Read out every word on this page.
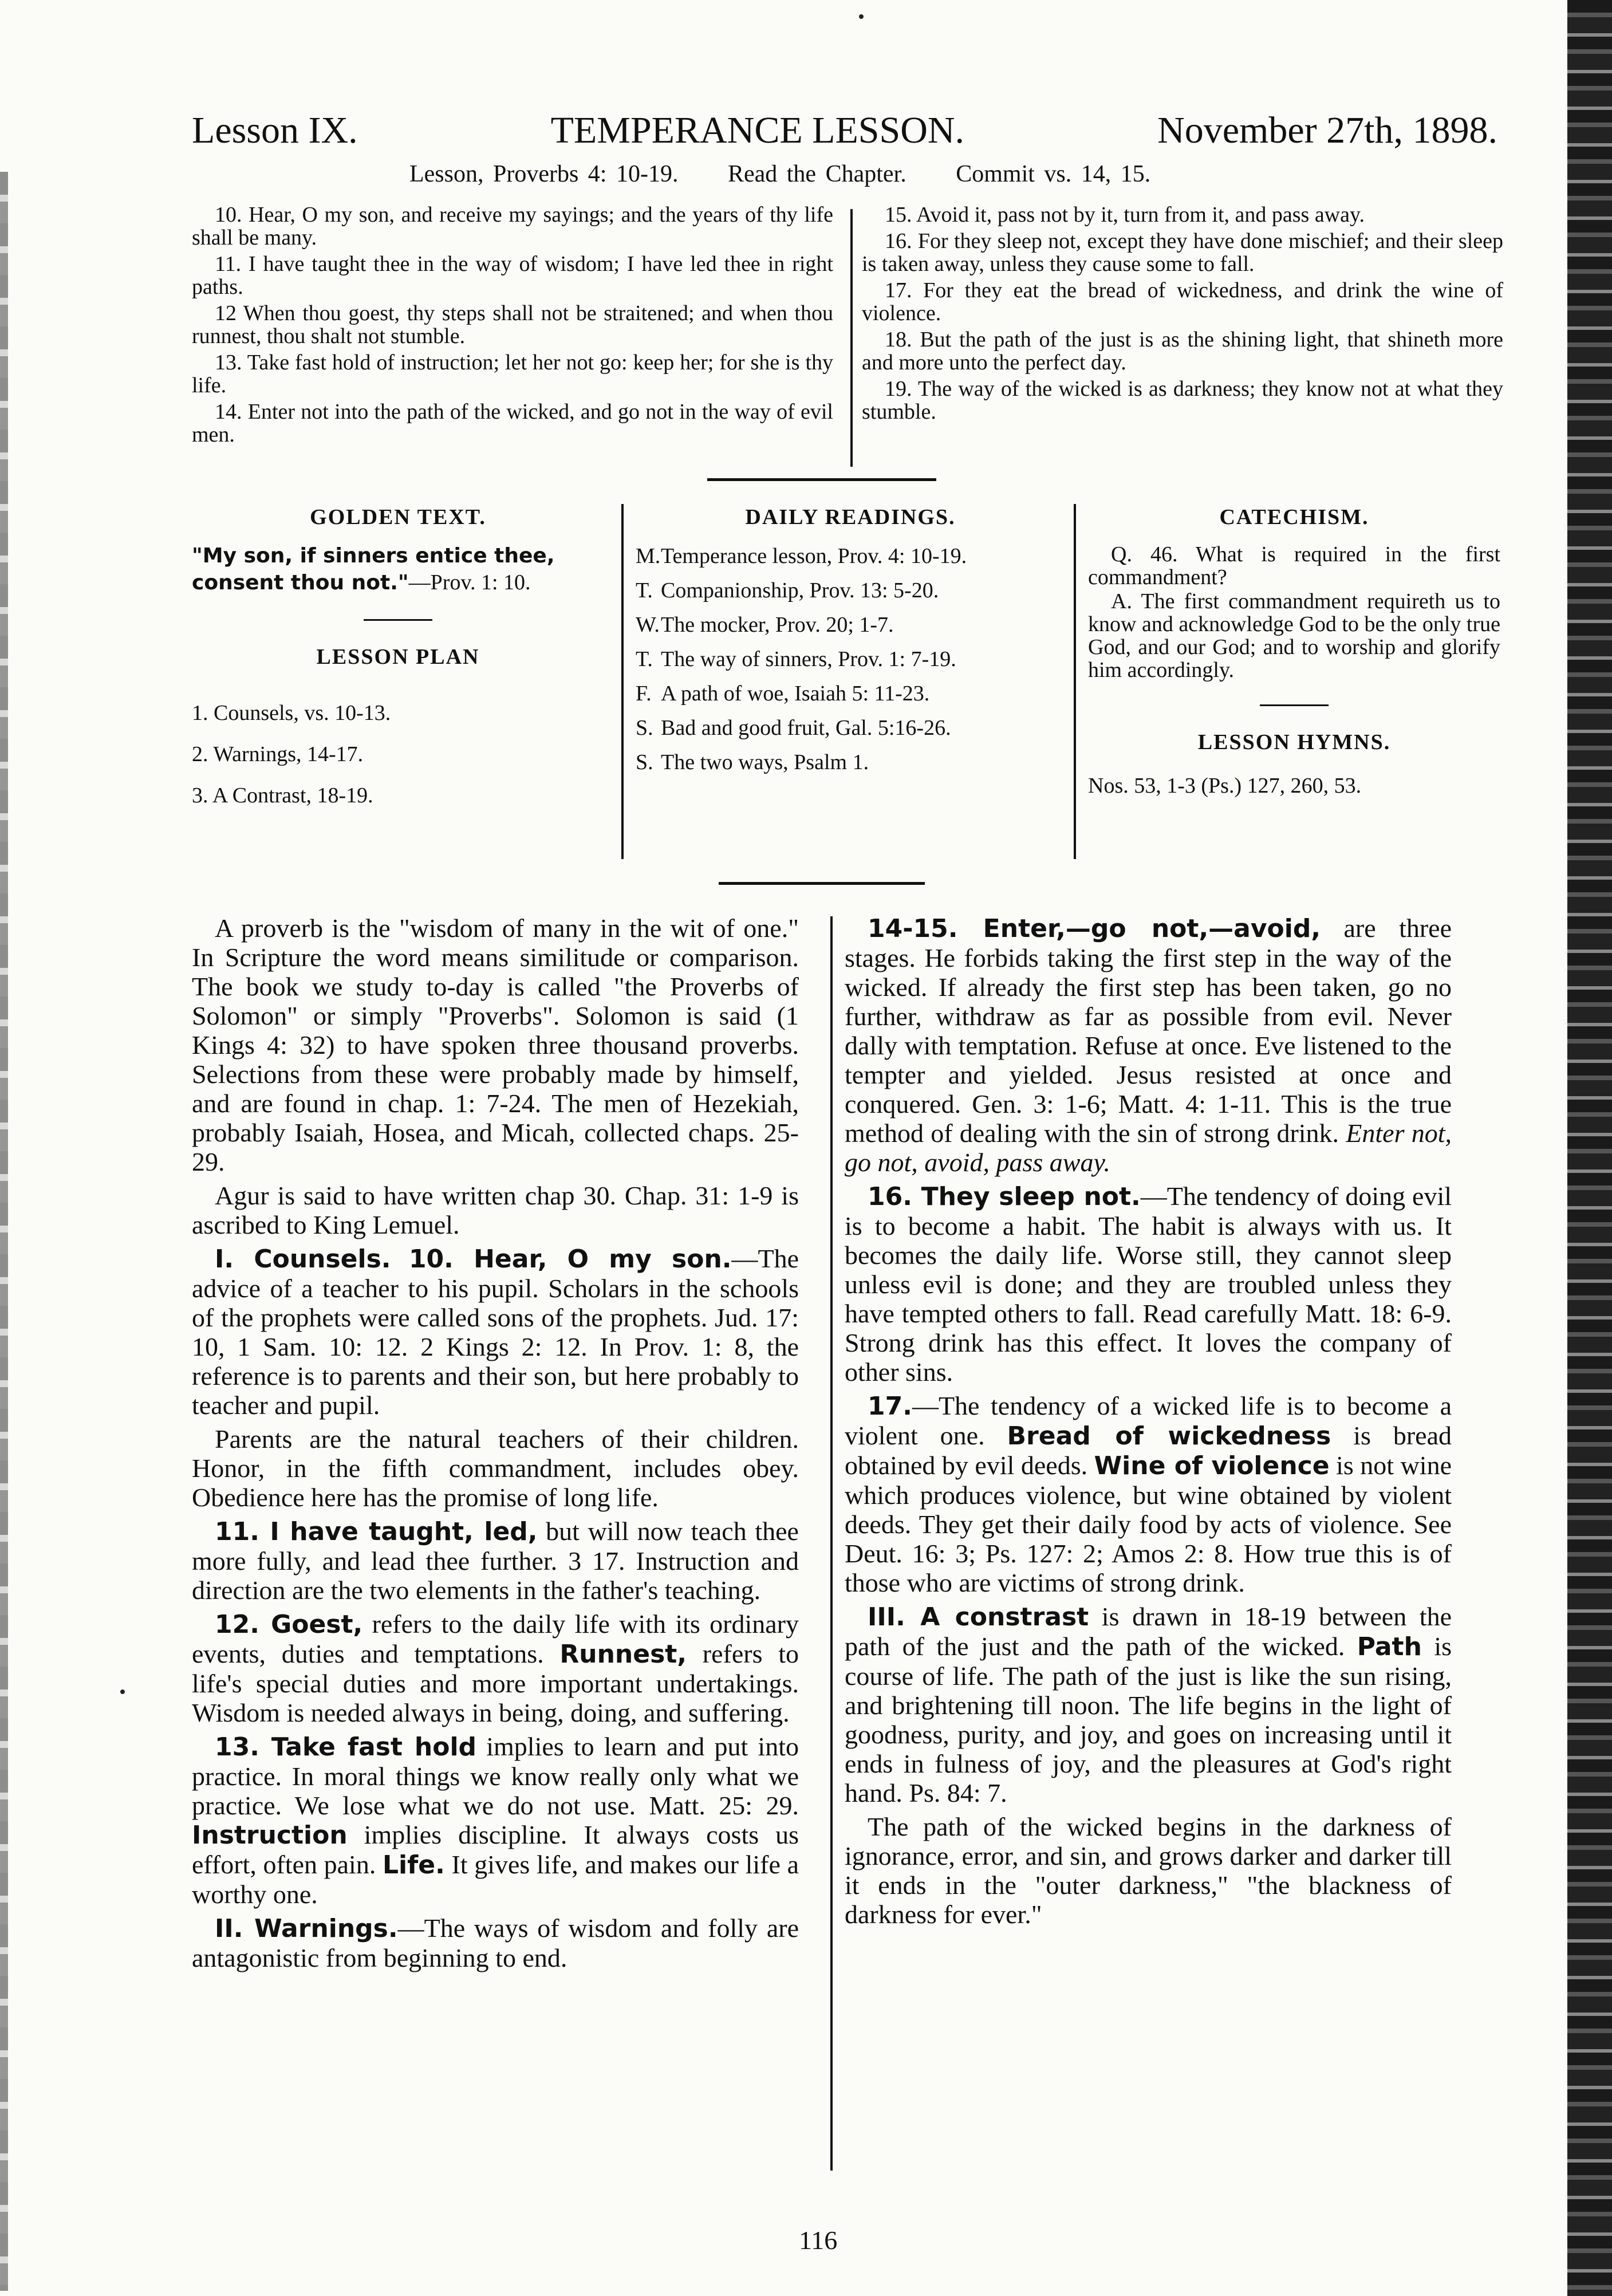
Lesson IX.	TEMPERANCE LESSON.	November 27th, 1898.
Lesson, Proverbs 4: 10-19. Read the Chapter. Commit vs. 14, 15.

10. Hear, O my son, and receive my sayings; and the years of thy life shall be many.

11. I have taught thee in the way of wisdom; I have led thee in right paths.

12 When thou goest, thy steps shall not be straitened; and when thou runnest, thou shalt not stumble.

13. Take fast hold of instruction; let her not go: keep her; for she is thy life.

14. Enter not into the path of the wicked, and go not in the way of evil men.

15. Avoid it, pass not by it, turn from it, and pass away.

16. For they sleep not, except they have done mischief; and their sleep is taken away, unless they cause some to fall.

17. For they eat the bread of wickedness, and drink the wine of violence.

18. But the path of the just is as the shining light, that shineth more and more unto the perfect day.

19. The way of the wicked is as darkness; they know not at what they stumble.

GOLDEN TEXT.
"My son, if sinners entice thee, consent thou not."—Prov. 1: 10.
LESSON PLAN
1. Counsels, vs. 10-13.
2. Warnings, 14-17.
3. A Contrast, 18-19.
DAILY READINGS.
M.Temperance lesson, Prov. 4: 10-19.
T. Companionship, Prov. 13: 5-20.
W.The mocker, Prov. 20; 1-7.
T. The way of sinners, Prov. 1: 7-19.
F. A path of woe, Isaiah 5: 11-23.
S. Bad and good fruit, Gal. 5:16-26.
S. The two ways, Psalm 1.
CATECHISM.

Q. 46. What is required in the first commandment?

A. The first commandment requireth us to know and acknowledge God to be the only true God, and our God; and to worship and glorify him accordingly.

LESSON HYMNS.
Nos. 53, 1-3 (Ps.) 127, 260, 53.

A proverb is the "wisdom of many in the wit of one." In Scripture the word means similitude or comparison. The book we study to-day is called "the Proverbs of Solomon" or simply "Proverbs". Solomon is said (1 Kings 4: 32) to have spoken three thousand proverbs. Selections from these were probably made by himself, and are found in chap. 1: 7-24. The men of Hezekiah, probably Isaiah, Hosea, and Micah, collected chaps. 25-29.

Agur is said to have written chap 30. Chap. 31: 1-9 is ascribed to King Lemuel.

I. Counsels. 10. Hear, O my son.—The advice of a teacher to his pupil. Scholars in the schools of the prophets were called sons of the prophets. Jud. 17: 10, 1 Sam. 10: 12. 2 Kings 2: 12. In Prov. 1: 8, the reference is to parents and their son, but here probably to teacher and pupil.

Parents are the natural teachers of their children. Honor, in the fifth commandment, includes obey. Obedience here has the promise of long life.

11. I have taught, led, but will now teach thee more fully, and lead thee further. 3 17. Instruction and direction are the two elements in the father's teaching.

12. Goest, refers to the daily life with its ordinary events, duties and temptations. Runnest, refers to life's special duties and more important undertakings. Wisdom is needed always in being, doing, and suffering.

13. Take fast hold implies to learn and put into practice. In moral things we know really only what we practice. We lose what we do not use. Matt. 25: 29. Instruction implies discipline. It always costs us effort, often pain. Life. It gives life, and makes our life a worthy one.

II. Warnings.—The ways of wisdom and folly are antagonistic from beginning to end.

14-15. Enter,—go not,—avoid, are three stages. He forbids taking the first step in the way of the wicked. If already the first step has been taken, go no further, withdraw as far as possible from evil. Never dally with temptation. Refuse at once. Eve listened to the tempter and yielded. Jesus resisted at once and conquered. Gen. 3: 1-6; Matt. 4: 1-11. This is the true method of dealing with the sin of strong drink. Enter not, go not, avoid, pass away.

16. They sleep not.—The tendency of doing evil is to become a habit. The habit is always with us. It becomes the daily life. Worse still, they cannot sleep unless evil is done; and they are troubled unless they have tempted others to fall. Read carefully Matt. 18: 6-9. Strong drink has this effect. It loves the company of other sins.

17.—The tendency of a wicked life is to become a violent one. Bread of wickedness is bread obtained by evil deeds. Wine of violence is not wine which produces violence, but wine obtained by violent deeds. They get their daily food by acts of violence. See Deut. 16: 3; Ps. 127: 2; Amos 2: 8. How true this is of those who are victims of strong drink.

III. A constrast is drawn in 18-19 between the path of the just and the path of the wicked. Path is course of life. The path of the just is like the sun rising, and brightening till noon. The life begins in the light of goodness, purity, and joy, and goes on increasing until it ends in fulness of joy, and the pleasures at God's right hand. Ps. 84: 7.

The path of the wicked begins in the darkness of ignorance, error, and sin, and grows darker and darker till it ends in the "outer darkness," "the blackness of darkness for ever."

116
